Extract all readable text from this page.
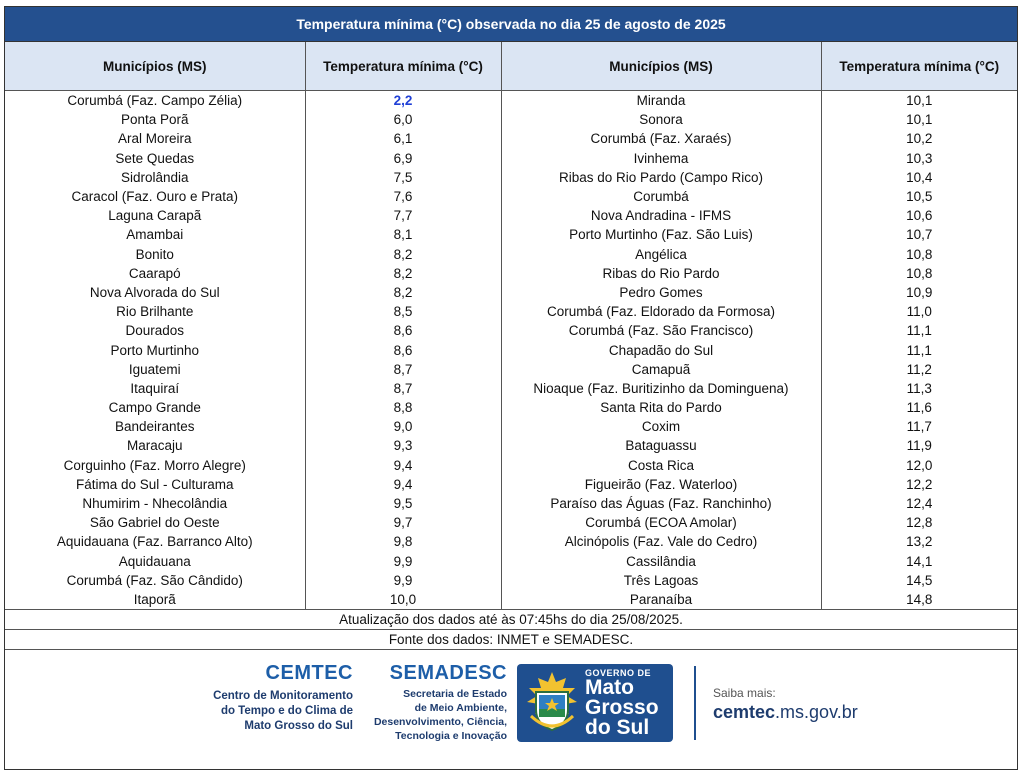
Temperatura mínima (°C) observada no dia 25 de agosto de 2025
Municípios (MS)	Temperatura mínima (°C)	Municípios (MS)	Temperatura mínima (°C)
Corumbá (Faz. Campo Zélia)	2,2	Miranda	10,1
Ponta Porã	6,0	Sonora	10,1
Aral Moreira	6,1	Corumbá (Faz. Xaraés)	10,2
Sete Quedas	6,9	Ivinhema	10,3
Sidrolândia	7,5	Ribas do Rio Pardo (Campo Rico)	10,4
Caracol (Faz. Ouro e Prata)	7,6	Corumbá	10,5
Laguna Carapã	7,7	Nova Andradina - IFMS	10,6
Amambai	8,1	Porto Murtinho (Faz. São Luis)	10,7
Bonito	8,2	Angélica	10,8
Caarapó	8,2	Ribas do Rio Pardo	10,8
Nova Alvorada do Sul	8,2	Pedro Gomes	10,9
Rio Brilhante	8,5	Corumbá (Faz. Eldorado da Formosa)	11,0
Dourados	8,6	Corumbá (Faz. São Francisco)	11,1
Porto Murtinho	8,6	Chapadão do Sul	11,1
Iguatemi	8,7	Camapuã	11,2
Itaquiraí	8,7	Nioaque (Faz. Buritizinho da Dominguena)	11,3
Campo Grande	8,8	Santa Rita do Pardo	11,6
Bandeirantes	9,0	Coxim	11,7
Maracaju	9,3	Bataguassu	11,9
Corguinho (Faz. Morro Alegre)	9,4	Costa Rica	12,0
Fátima do Sul - Culturama	9,4	Figueirão (Faz. Waterloo)	12,2
Nhumirim - Nhecolândia	9,5	Paraíso das Águas (Faz. Ranchinho)	12,4
São Gabriel do Oeste	9,7	Corumbá (ECOA Amolar)	12,8
Aquidauana (Faz. Barranco Alto)	9,8	Alcinópolis (Faz. Vale do Cedro)	13,2
Aquidauana	9,9	Cassilândia	14,1
Corumbá (Faz. São Cândido)	9,9	Três Lagoas	14,5
Itaporã	10,0	Paranaíba	14,8
Atualização dos dados até às 07:45hs do dia 25/08/2025.
Fonte dos dados: INMET e SEMADESC.
CEMTEC
Centro de Monitoramento
do Tempo e do Clima de
Mato Grosso do Sul
SEMADESC
Secretaria de Estado
de Meio Ambiente,
Desenvolvimento, Ciência,
Tecnologia e Inovação
GOVERNO DE
Mato
Grosso
do Sul
Saiba mais:
cemtec.ms.gov.br
